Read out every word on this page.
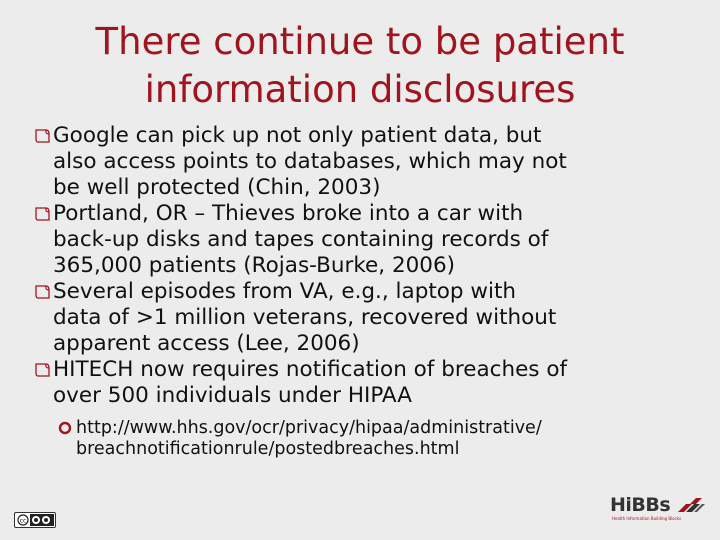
There continue to be patient
information disclosures
Google can pick up not only patient data, but
also access points to databases, which may not
be well protected (Chin, 2003)
Portland, OR – Thieves broke into a car with
back-up disks and tapes containing records of
365,000 patients (Rojas-Burke, 2006)
Several episodes from VA, e.g., laptop with
data of >1 million veterans, recovered without
apparent access (Lee, 2006)
HITECH now requires notification of breaches of
over 500 individuals under HIPAA
http://www.hhs.gov/ocr/privacy/hipaa/administrative/
breachnotificationrule/postedbreaches.html
cc
HiBBs
Health Information Building Blocks
